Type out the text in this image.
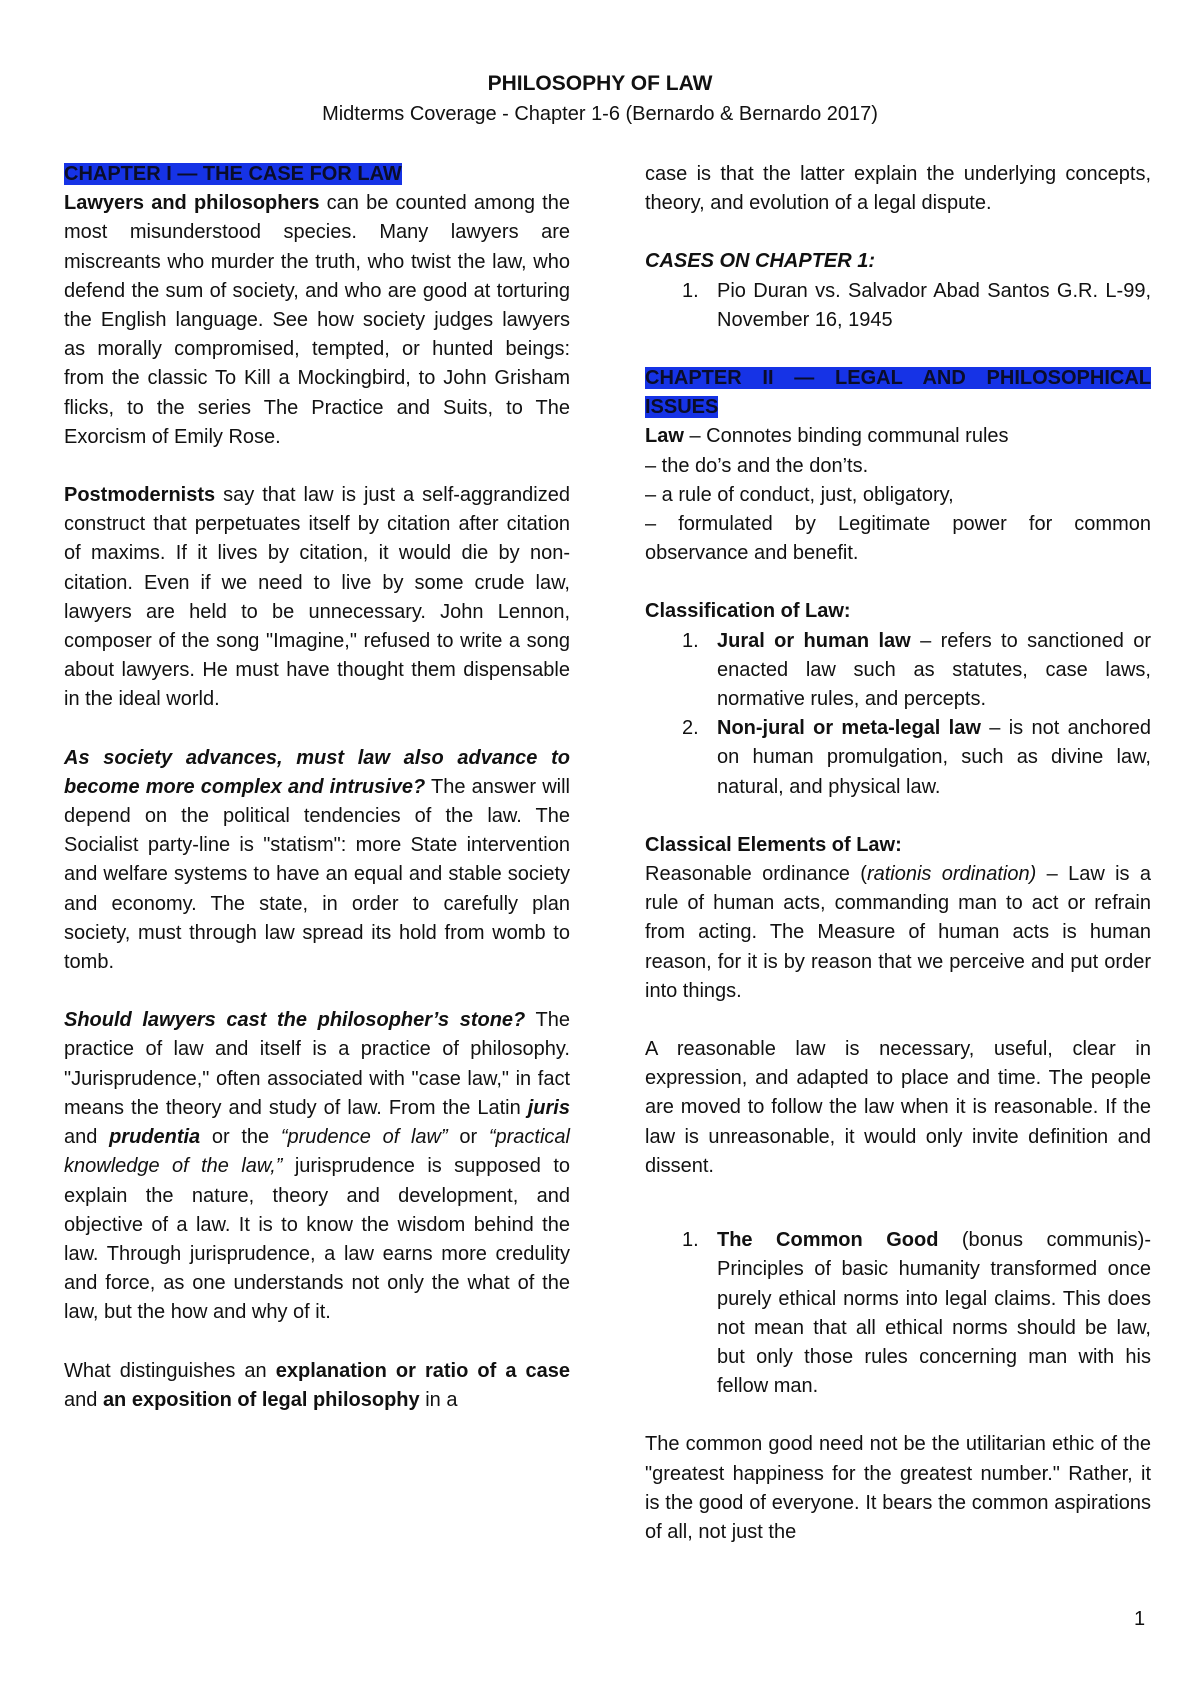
PHILOSOPHY OF LAW
Midterms Coverage - Chapter 1-6 (Bernardo & Bernardo 2017)
CHAPTER I — THE CASE FOR LAW

Lawyers and philosophers can be counted among the most misunderstood species. Many lawyers are miscreants who murder the truth, who twist the law, who defend the sum of society, and who are good at torturing the English language. See how society judges lawyers as morally compromised, tempted, or hunted beings: from the classic To Kill a Mockingbird, to John Grisham flicks, to the series The Practice and Suits, to The Exorcism of Emily Rose.

Postmodernists say that law is just a self-aggrandized construct that perpetuates itself by citation after citation of maxims. If it lives by citation, it would die by non-citation. Even if we need to live by some crude law, lawyers are held to be unnecessary. John Lennon, composer of the song "Imagine," refused to write a song about lawyers. He must have thought them dispensable in the ideal world.

As society advances, must law also advance to become more complex and intrusive? The answer will depend on the political tendencies of the law. The Socialist party-line is "statism": more State intervention and welfare systems to have an equal and stable society and economy. The state, in order to carefully plan society, must through law spread its hold from womb to tomb.

Should lawyers cast the philosopher’s stone? The practice of law and itself is a practice of philosophy. "Jurisprudence," often associated with "case law," in fact means the theory and study of law. From the Latin juris and prudentia or the “prudence of law” or “practical knowledge of the law,” jurisprudence is supposed to explain the nature, theory and development, and objective of a law. It is to know the wisdom behind the law. Through jurisprudence, a law earns more credulity and force, as one understands not only the what of the law, but the how and why of it.

What distinguishes an explanation or ratio of a case and an exposition of legal philosophy in a

case is that the latter explain the underlying concepts, theory, and evolution of a legal dispute.

CASES ON CHAPTER 1:
1. Pio Duran vs. Salvador Abad Santos G.R. L-99, November 16, 1945
CHAPTER II — LEGAL AND PHILOSOPHICAL ISSUES
Law – Connotes binding communal rules
– the do’s and the don’ts.
– a rule of conduct, just, obligatory,

– formulated by Legitimate power for common observance and benefit.

Classification of Law:
1. Jural or human law – refers to sanctioned or enacted law such as statutes, case laws, normative rules, and percepts.
2. Non-jural or meta-legal law – is not anchored on human promulgation, such as divine law, natural, and physical law.
Classical Elements of Law:

Reasonable ordinance (rationis ordination) – Law is a rule of human acts, commanding man to act or refrain from acting. The Measure of human acts is human reason, for it is by reason that we perceive and put order into things.

A reasonable law is necessary, useful, clear in expression, and adapted to place and time. The people are moved to follow the law when it is reasonable. If the law is unreasonable, it would only invite definition and dissent.

1. The Common Good (bonus communis)- Principles of basic humanity transformed once purely ethical norms into legal claims. This does not mean that all ethical norms should be law, but only those rules concerning man with his fellow man.

The common good need not be the utilitarian ethic of the "greatest happiness for the greatest number." Rather, it is the good of everyone. It bears the common aspirations of all, not just the

1
